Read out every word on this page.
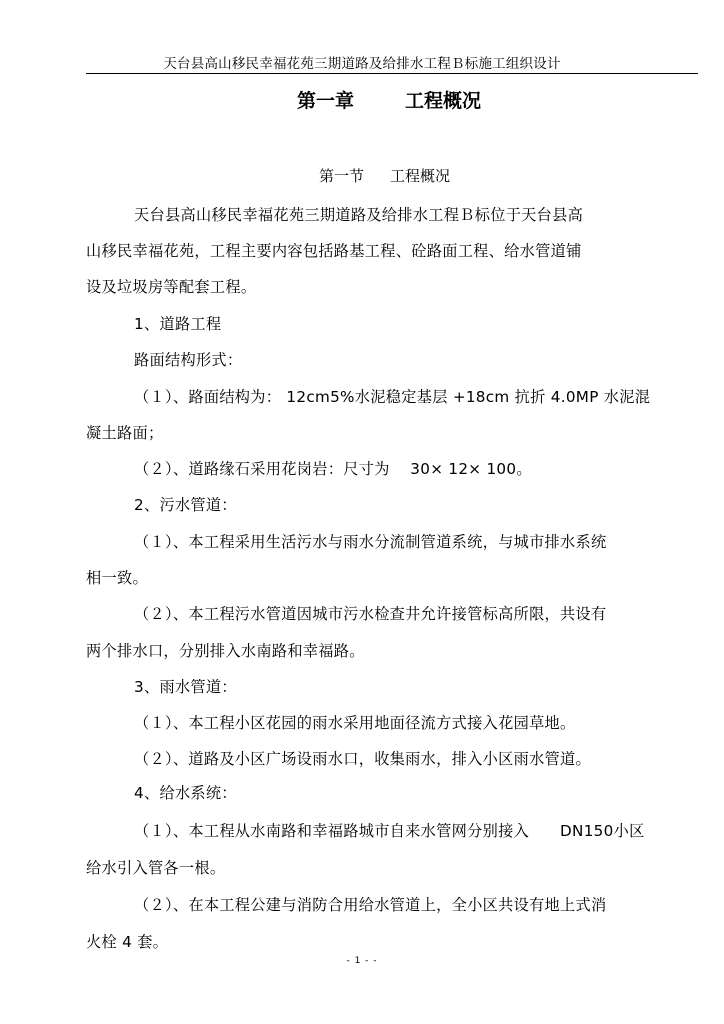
天台县高山移民幸福花苑三期道路及给排水工程Ｂ标施工组织设计
第一章	工程概况
第一节 工程概况
天台县高山移民幸福花苑三期道路及给排水工程Ｂ标位于天台县高
山移民幸福花苑，工程主要内容包括路基工程、砼路面工程、给水管道铺
设及垃圾房等配套工程。
1、道路工程
路面结构形式：
（１）、路面结构为： 12cm5%水泥稳定基层 +18cm 抗折 4.0MP 水泥混
凝土路面；
（２）、道路缘石采用花岗岩：尺寸为　 30× 12× 100。
2、污水管道：
（１）、本工程采用生活污水与雨水分流制管道系统，与城市排水系统
相一致。
（２）、本工程污水管道因城市污水检查井允许接管标高所限，共设有
两个排水口，分别排入水南路和幸福路。
3、雨水管道：
（１）、本工程小区花园的雨水采用地面径流方式接入花园草地。
（２）、道路及小区广场设雨水口，收集雨水，排入小区雨水管道。
4、给水系统：
（１）、本工程从水南路和幸福路城市自来水管网分别接入　　DN150小区
给水引入管各一根。
（２）、在本工程公建与消防合用给水管道上，全小区共设有地上式消
火栓 4 套。
- 1 - -
